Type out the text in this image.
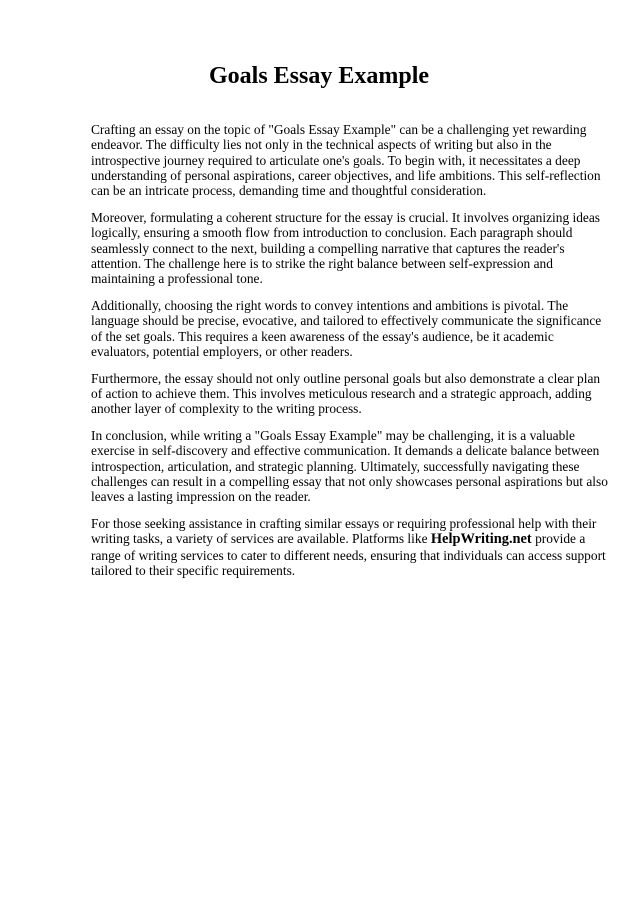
Goals Essay Example

Crafting an essay on the topic of "Goals Essay Example" can be a challenging yet rewarding
endeavor. The difficulty lies not only in the technical aspects of writing but also in the
introspective journey required to articulate one's goals. To begin with, it necessitates a deep
understanding of personal aspirations, career objectives, and life ambitions. This self-reflection
can be an intricate process, demanding time and thoughtful consideration.

Moreover, formulating a coherent structure for the essay is crucial. It involves organizing ideas
logically, ensuring a smooth flow from introduction to conclusion. Each paragraph should
seamlessly connect to the next, building a compelling narrative that captures the reader's
attention. The challenge here is to strike the right balance between self-expression and
maintaining a professional tone.

Additionally, choosing the right words to convey intentions and ambitions is pivotal. The
language should be precise, evocative, and tailored to effectively communicate the significance
of the set goals. This requires a keen awareness of the essay's audience, be it academic
evaluators, potential employers, or other readers.

Furthermore, the essay should not only outline personal goals but also demonstrate a clear plan
of action to achieve them. This involves meticulous research and a strategic approach, adding
another layer of complexity to the writing process.

In conclusion, while writing a "Goals Essay Example" may be challenging, it is a valuable
exercise in self-discovery and effective communication. It demands a delicate balance between
introspection, articulation, and strategic planning. Ultimately, successfully navigating these
challenges can result in a compelling essay that not only showcases personal aspirations but also
leaves a lasting impression on the reader.

For those seeking assistance in crafting similar essays or requiring professional help with their
writing tasks, a variety of services are available. Platforms like HelpWriting.net provide a
range of writing services to cater to different needs, ensuring that individuals can access support
tailored to their specific requirements.
